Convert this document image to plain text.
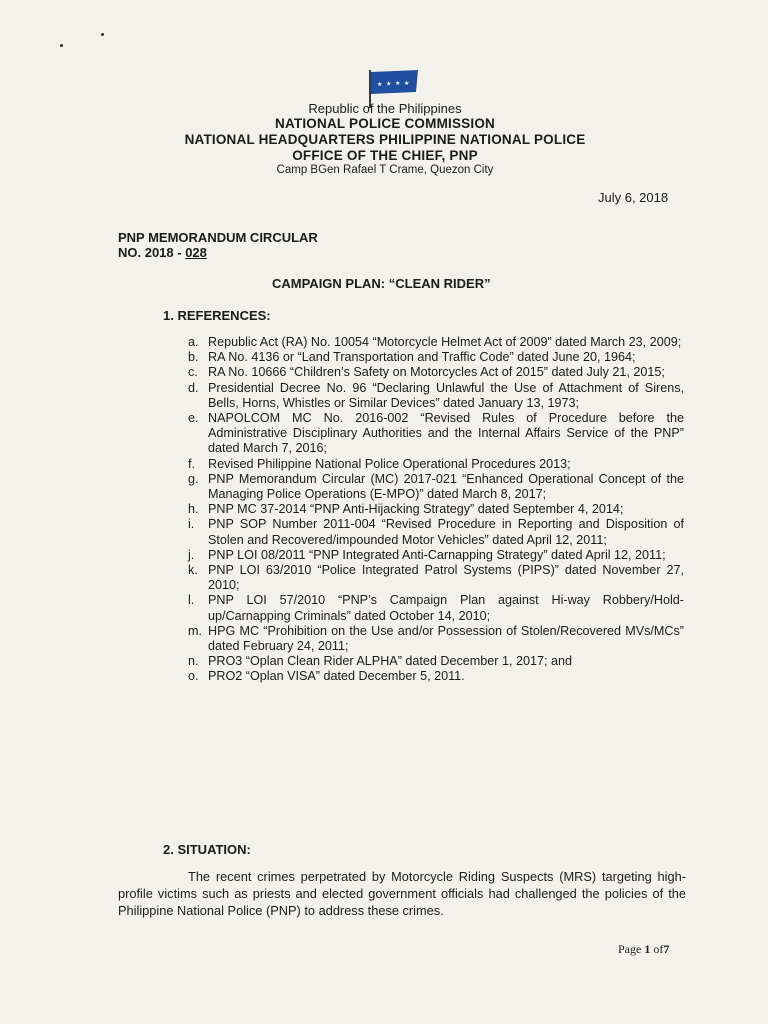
★ ★ ★ ★
Republic of the Philippines
NATIONAL POLICE COMMISSION
NATIONAL HEADQUARTERS PHILIPPINE NATIONAL POLICE
OFFICE OF THE CHIEF, PNP
Camp BGen Rafael T Crame, Quezon City
July 6, 2018
PNP MEMORANDUM CIRCULAR
NO. 2018 - 028
CAMPAIGN PLAN: “CLEAN RIDER”
1. REFERENCES:
a. Republic Act (RA) No. 10054 “Motorcycle Helmet Act of 2009” dated March 23, 2009;
b. RA No. 4136 or “Land Transportation and Traffic Code” dated June 20, 1964;
c. RA No. 10666 “Children’s Safety on Motorcycles Act of 2015” dated July 21, 2015;
d. Presidential Decree No. 96 “Declaring Unlawful the Use of Attachment of Sirens, Bells, Horns, Whistles or Similar Devices” dated January 13, 1973;
e. NAPOLCOM MC No. 2016-002 “Revised Rules of Procedure before the Administrative Disciplinary Authorities and the Internal Affairs Service of the PNP” dated March 7, 2016;
f. Revised Philippine National Police Operational Procedures 2013;
g. PNP Memorandum Circular (MC) 2017-021 “Enhanced Operational Concept of the Managing Police Operations (E-MPO)” dated March 8, 2017;
h. PNP MC 37-2014 “PNP Anti-Hijacking Strategy” dated September 4, 2014;
i. PNP SOP Number 2011-004 “Revised Procedure in Reporting and Disposition of Stolen and Recovered/impounded Motor Vehicles” dated April 12, 2011;
j. PNP LOI 08/2011 “PNP Integrated Anti-Carnapping Strategy” dated April 12, 2011;
k. PNP LOI 63/2010 “Police Integrated Patrol Systems (PIPS)” dated November 27, 2010;
l. PNP LOI 57/2010 “PNP’s Campaign Plan against Hi-way Robbery/Hold-up/Carnapping Criminals” dated October 14, 2010;
m. HPG MC “Prohibition on the Use and/or Possession of Stolen/Recovered MVs/MCs” dated February 24, 2011;
n. PRO3 “Oplan Clean Rider ALPHA” dated December 1, 2017; and
o. PRO2 “Oplan VISA” dated December 5, 2011.
2. SITUATION:

The recent crimes perpetrated by Motorcycle Riding Suspects (MRS) targeting high-profile victims such as priests and elected government officials had challenged the policies of the Philippine National Police (PNP) to address these crimes.

Page 1 of7
